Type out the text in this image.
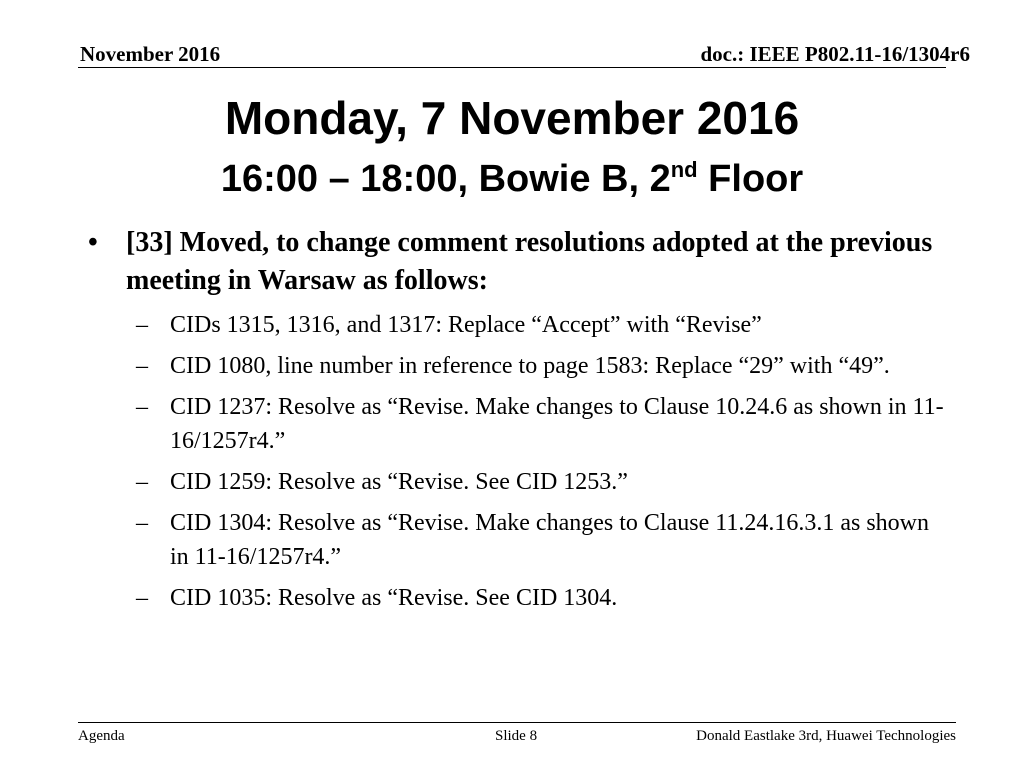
November 2016	doc.: IEEE P802.11-16/1304r6
Monday, 7 November 2016
16:00 – 18:00, Bowie B, 2nd Floor
• [33] Moved, to change comment resolutions adopted at the previous meeting in Warsaw as follows:
– CIDs 1315, 1316, and 1317: Replace “Accept” with “Revise”
– CID 1080, line number in reference to page 1583: Replace “29” with “49”.
– CID 1237: Resolve as “Revise. Make changes to Clause 10.24.6 as shown in 11-16/1257r4.”
– CID 1259: Resolve as “Revise. See CID 1253.”
– CID 1304: Resolve as “Revise. Make changes to Clause 11.24.16.3.1 as shown in 11-16/1257r4.”
– CID 1035: Resolve as “Revise. See CID 1304.
Agenda	Slide 8	Donald Eastlake 3rd, Huawei Technologies
